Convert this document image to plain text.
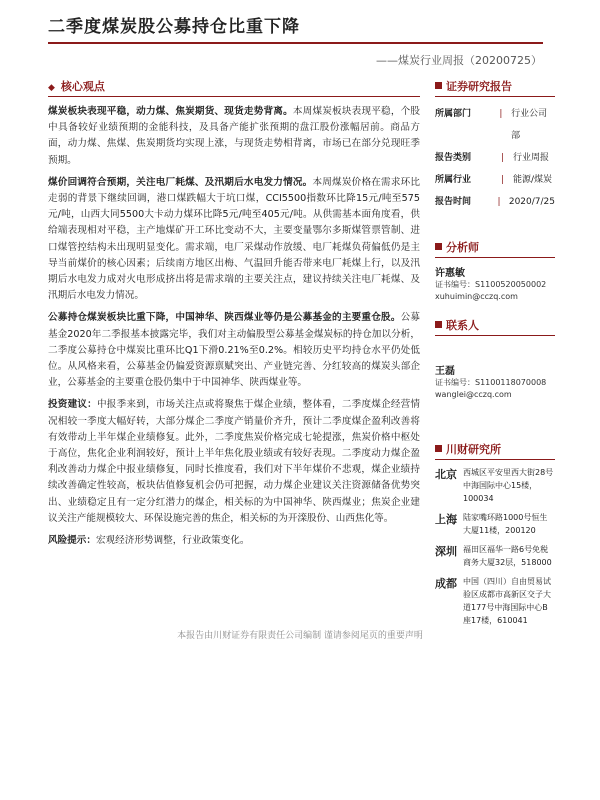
二季度煤炭股公募持仓比重下降
——煤炭行业周报（20200725）
◆ 核心观点

煤炭板块表现平稳，动力煤、焦炭期货、现货走势背离。本周煤炭板块表现平稳，个股中具备较好业绩预期的金能科技，及具备产能扩张预期的盘江股份涨幅居前。商品方面，动力煤、焦煤、焦炭期货均实现上涨，与现货走势相背离，市场已在部分兑现旺季预期。

煤价回调符合预期，关注电厂耗煤、及汛期后水电发力情况。本周煤炭价格在需求环比走弱的背景下继续回调，港口煤跌幅大于坑口煤，CCI5500指数环比降15元/吨至575元/吨，山西大同5500大卡动力煤环比降5元/吨至405元/吨。从供需基本面角度看，供给端表现相对平稳，主产地煤矿开工环比变动不大，主要变量鄂尔多斯煤管票管制、进口煤管控结构未出现明显变化。需求端，电厂采煤动作放缓、电厂耗煤负荷偏低仍是主导当前煤价的核心因素；后续南方地区出梅、气温回升能否带来电厂耗煤上行，以及汛期后水电发力成对火电形成挤出将是需求端的主要关注点，建议持续关注电厂耗煤、及汛期后水电发力情况。

公募持仓煤炭板块比重下降，中国神华、陕西煤业等仍是公募基金的主要重仓股。公募基金2020年二季报基本披露完毕，我们对主动偏股型公募基金煤炭标的持仓加以分析，二季度公募持仓中煤炭比重环比Q1下滑0.21%至0.2%。相较历史平均持仓水平仍处低位。从风格来看，公募基金仍偏爱资源禀赋突出、产业链完善、分红较高的煤炭头部企业，公募基金的主要重仓股仍集中于中国神华、陕西煤业等。

投资建议：中报季来到，市场关注点或将聚焦于煤企业绩，整体看，二季度煤企经营情况相较一季度大幅好转，大部分煤企二季度产销量价齐升，预计二季度煤企盈利改善将有效带动上半年煤企业绩修复。此外，二季度焦炭价格完成七轮提涨，焦炭价格中枢处于高位，焦化企业利润较好，预计上半年焦化股业绩或有较好表现。二季度动力煤企盈利改善动力煤企中报业绩修复，同时长推度看，我们对下半年煤价不悲观，煤企业绩持续改善确定性较高，板块估值修复机会仍可把握，动力煤企业建议关注资源储备优势突出、业绩稳定且有一定分红潜力的煤企，相关标的为中国神华、陕西煤业；焦炭企业建议关注产能规模较大、环保设施完善的焦企，相关标的为开滦股份、山西焦化等。

风险提示：宏观经济形势调整，行业政策变化。

证券研究报告
所属部门	| 行业公司部
报告类别	| 行业周报
所属行业	| 能源/煤炭
报告时间	| 2020/7/25
分析师
许惠敏
证书编号：S1100520050002
xuhuimin@cczq.com
联系人
王磊
证书编号：S1100118070008
wanglei@cczq.com
川财研究所
北京 西城区平安里西大街28号中海国际中心15楼，100034
上海 陆家嘴环路1000号恒生大厦11楼，200120
深圳 福田区福华一路6号免税商务大厦32层，518000
成都 中国（四川）自由贸易试验区成都市高新区交子大道177号中海国际中心B座17楼，610041
本报告由川财证券有限责任公司编制 谨请参阅尾页的重要声明
